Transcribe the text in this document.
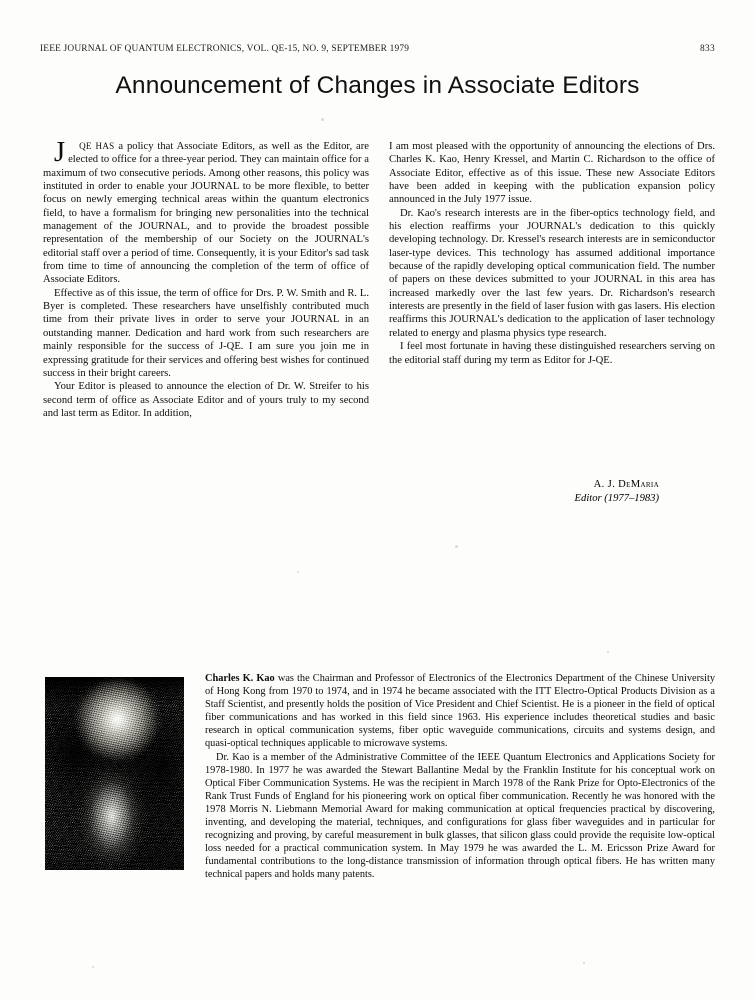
IEEE JOURNAL OF QUANTUM ELECTRONICS, VOL. QE-15, NO. 9, SEPTEMBER 1979	833
Announcement of Changes in Associate Editors

J	QE HAS a policy that Associate Editors, as well as the Editor, are elected to office for a three-year period. They can maintain office for a maximum of two consecutive periods. Among other reasons, this policy was instituted in order to enable your JOURNAL to be more flexible, to better focus on newly emerging technical areas within the quantum electronics field, to have a formalism for bringing new personalities into the technical management of the JOURNAL, and to provide the broadest possible representation of the membership of our Society on the JOURNAL's editorial staff over a period of time. Consequently, it is your Editor's sad task from time to time of announcing the completion of the term of office of Associate Editors.

Effective as of this issue, the term of office for Drs. P. W. Smith and R. L. Byer is completed. These researchers have unselfishly contributed much time from their private lives in order to serve your JOURNAL in an outstanding manner. Dedication and hard work from such researchers are mainly responsible for the success of J-QE. I am sure you join me in expressing gratitude for their services and offering best wishes for continued success in their bright careers.

Your Editor is pleased to announce the election of Dr. W. Streifer to his second term of office as Associate Editor and of yours truly to my second and last term as Editor. In addition,

I am most pleased with the opportunity of announcing the elections of Drs. Charles K. Kao, Henry Kressel, and Martin C. Richardson to the office of Associate Editor, effective as of this issue. These new Associate Editors have been added in keeping with the publication expansion policy announced in the July 1977 issue.

Dr. Kao's research interests are in the fiber-optics technology field, and his election reaffirms your JOURNAL's dedication to this quickly developing technology. Dr. Kressel's research interests are in semiconductor laser-type devices. This technology has assumed additional importance because of the rapidly developing optical communication field. The number of papers on these devices submitted to your JOURNAL in this area has increased markedly over the last few years. Dr. Richardson's research interests are presently in the field of laser fusion with gas lasers. His election reaffirms this JOURNAL's dedication to the application of laser technology related to energy and plasma physics type research.

I feel most fortunate in having these distinguished researchers serving on the editorial staff during my term as Editor for J-QE.

A. J. DeMaria
Editor (1977–1983)

Charles K. Kao was the Chairman and Professor of Electronics of the Electronics Department of the Chinese University of Hong Kong from 1970 to 1974, and in 1974 he became associated with the ITT Electro-Optical Products Division as a Staff Scientist, and presently holds the position of Vice President and Chief Scientist. He is a pioneer in the field of optical fiber communications and has worked in this field since 1963. His experience includes theoretical studies and basic research in optical communication systems, fiber optic waveguide communications, circuits and systems design, and quasi-optical techniques applicable to microwave systems.

Dr. Kao is a member of the Administrative Committee of the IEEE Quantum Electronics and Applications Society for 1978-1980. In 1977 he was awarded the Stewart Ballantine Medal by the Franklin Institute for his conceptual work on Optical Fiber Communication Systems. He was the recipient in March 1978 of the Rank Prize for Opto-Electronics of the Rank Trust Funds of England for his pioneering work on optical fiber communication. Recently he was honored with the 1978 Morris N. Liebmann Memorial Award for making communication at optical frequencies practical by discovering, inventing, and developing the material, techniques, and configurations for glass fiber waveguides and in particular for recognizing and proving, by careful measurement in bulk glasses, that silicon glass could provide the requisite low-optical loss needed for a practical communication system. In May 1979 he was awarded the L. M. Ericsson Prize Award for fundamental contributions to the long-distance transmission of information through optical fibers. He has written many technical papers and holds many patents.
